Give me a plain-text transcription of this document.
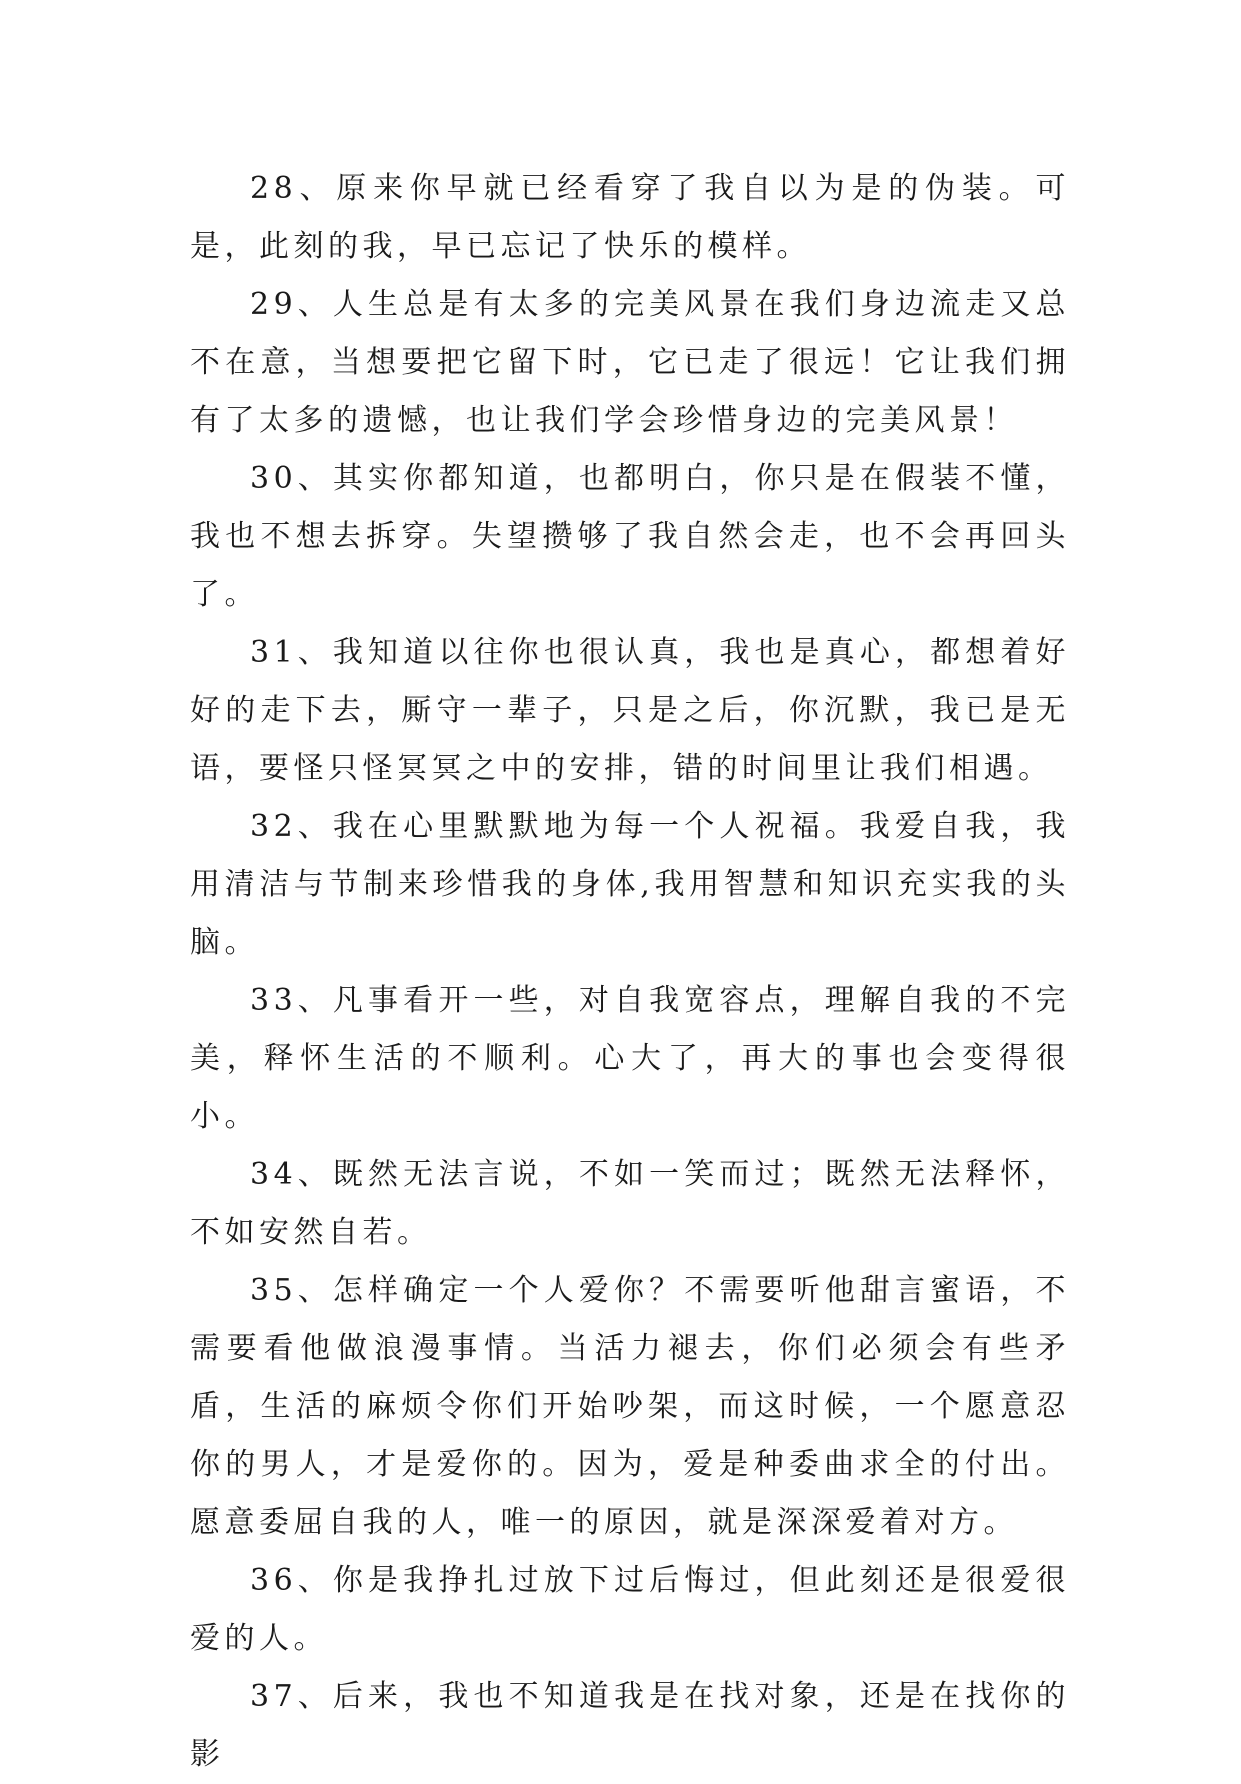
28、原来你早就已经看穿了我自以为是的伪装。可是，此刻的我，早已忘记了快乐的模样。

29、人生总是有太多的完美风景在我们身边流走又总不在意，当想要把它留下时，它已走了很远！它让我们拥有了太多的遗憾，也让我们学会珍惜身边的完美风景！

30、其实你都知道，也都明白，你只是在假装不懂，我也不想去拆穿。失望攒够了我自然会走，也不会再回头了。

31、我知道以往你也很认真，我也是真心，都想着好好的走下去，厮守一辈子，只是之后，你沉默，我已是无语，要怪只怪冥冥之中的安排，错的时间里让我们相遇。

32、我在心里默默地为每一个人祝福。我爱自我，我用清洁与节制来珍惜我的身体,我用智慧和知识充实我的头脑。

33、凡事看开一些，对自我宽容点，理解自我的不完美，释怀生活的不顺利。心大了，再大的事也会变得很小。

34、既然无法言说，不如一笑而过；既然无法释怀，不如安然自若。

35、怎样确定一个人爱你？不需要听他甜言蜜语，不需要看他做浪漫事情。当活力褪去，你们必须会有些矛盾，生活的麻烦令你们开始吵架，而这时候，一个愿意忍你的男人，才是爱你的。因为，爱是种委曲求全的付出。愿意委屈自我的人，唯一的原因，就是深深爱着对方。

36、你是我挣扎过放下过后悔过，但此刻还是很爱很爱的人。

37、后来，我也不知道我是在找对象，还是在找你的影
